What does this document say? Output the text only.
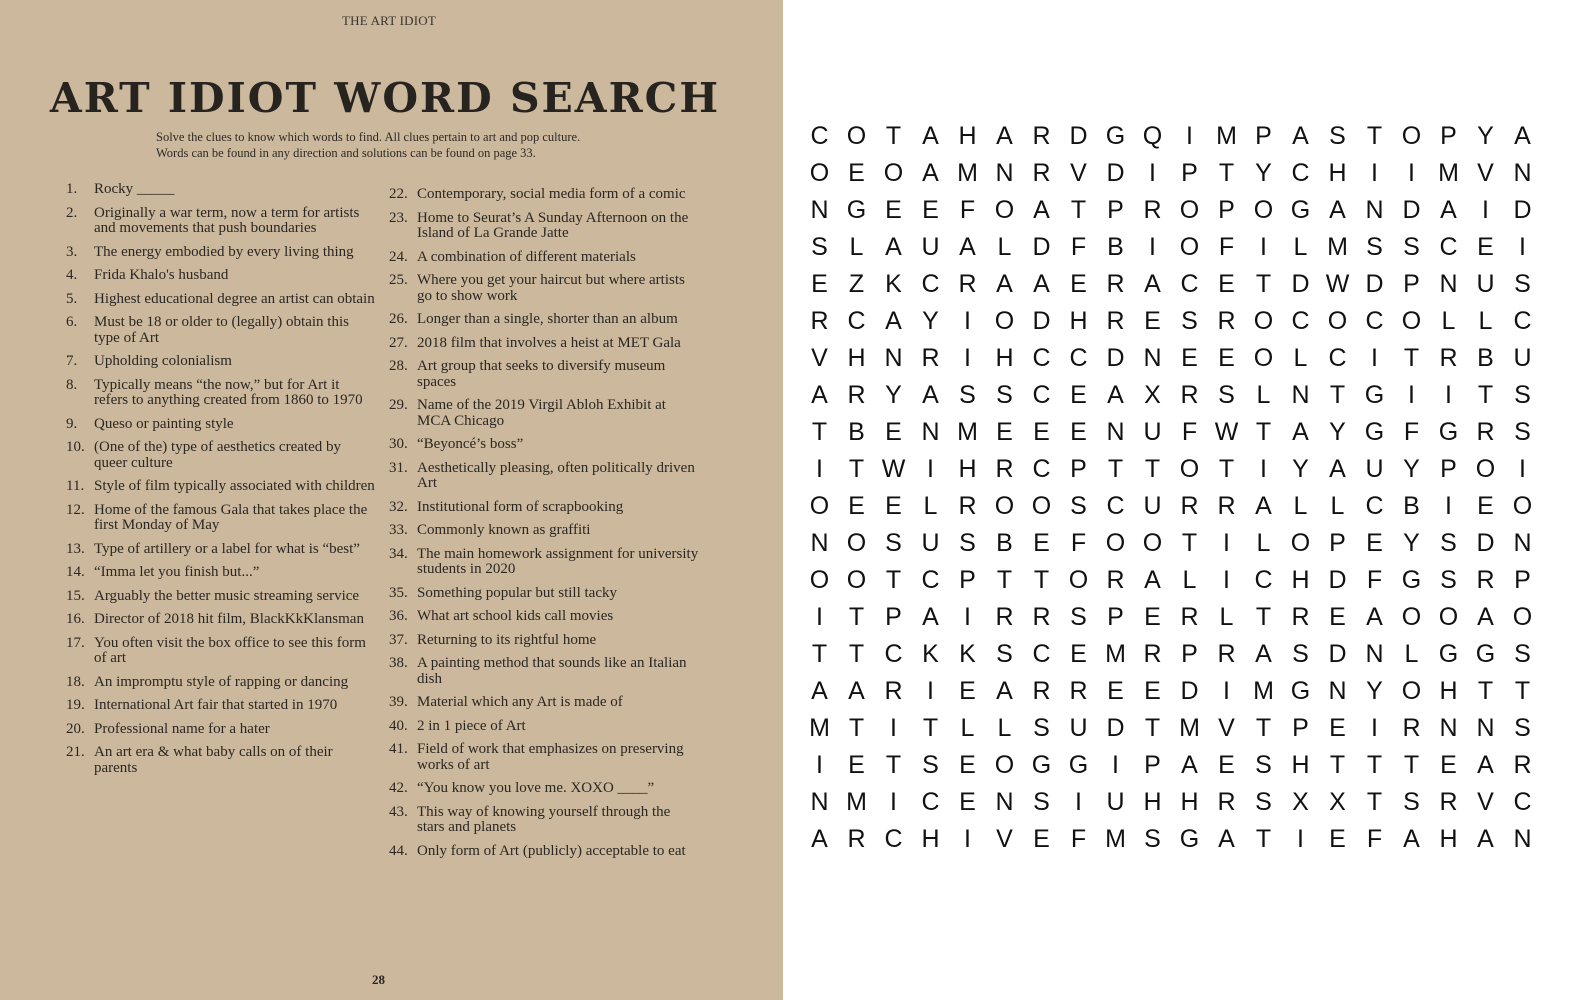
THE ART IDIOT
ART IDIOT WORD SEARCH
Solve the clues to know which words to find. All clues pertain to art and pop culture.
Words can be found in any direction and solutions can be found on page 33.
1. Rocky _____
2. Originally a war term, now a term for artists and movements that push boundaries
3. The energy embodied by every living thing
4. Frida Khalo's husband
5. Highest educational degree an artist can obtain
6. Must be 18 or older to (legally) obtain this type of Art
7. Upholding colonialism
8. Typically means “the now,” but for Art it refers to anything created from 1860 to 1970
9. Queso or painting style
10. (One of the) type of aesthetics created by queer culture
11. Style of film typically associated with children
12. Home of the famous Gala that takes place the first Monday of May
13. Type of artillery or a label for what is “best”
14. “Imma let you finish but...”
15. Arguably the better music streaming service
16. Director of 2018 hit film, BlackKkKlansman
17. You often visit the box office to see this form of art
18. An impromptu style of rapping or dancing
19. International Art fair that started in 1970
20. Professional name for a hater
21. An art era & what baby calls on of their parents
22. Contemporary, social media form of a comic
23. Home to Seurat’s A Sunday Afternoon on the Island of La Grande Jatte
24. A combination of different materials
25. Where you get your haircut but where artists go to show work
26. Longer than a single, shorter than an album
27. 2018 film that involves a heist at MET Gala
28. Art group that seeks to diversify museum spaces
29. Name of the 2019 Virgil Abloh Exhibit at MCA Chicago
30. “Beyoncé’s boss”
31. Aesthetically pleasing, often politically driven Art
32. Institutional form of scrapbooking
33. Commonly known as graffiti
34. The main homework assignment for university students in 2020
35. Something popular but still tacky
36. What art school kids call movies
37. Returning to its rightful home
38. A painting method that sounds like an Italian dish
39. Material which any Art is made of
40. 2 in 1 piece of Art
41. Field of work that emphasizes on preserving works of art
42. “You know you love me. XOXO ____”
43. This way of knowing yourself through the stars and planets
44. Only form of Art (publicly) acceptable to eat
28
C O T A H A R D G Q I M P A S T O P Y A
O E O A M N R V D I	P T Y C H I	I M V N
N G E E F O A T P R O P O G A N D A	I D
S L A U A L D F B	I O F	I	L M S S C E	I
E Z K C R A A E R A C E T D W D P N U S
R C A Y	I O D H R E S R O C O C O L L C
V H N R I H C C D N E E O L C I	T R B U
A R Y A S S C E A X R S L N T G I	I	T S
T B E N M E E E N U F W T A Y G F G R S
I	T W I H R C P T T O T	I	Y A U Y P O I
O E E L R O O S C U R R A L L C B	I	E O
N O S U S B E F O O T	I	L O P E Y S D N
O O T C P T T O R A L	I C H D F G S R P
I	T P A	I R R S P E R L T R E A O O A O
T T C K K S C E M R P R A S D N L G G S
A A R I	E A R R E E D I M G N Y O H T T
M T	I	T L L S U D T M V T P E	I R N N S
I	E T S E O G G I	P A E S H T T T E A R
N M I C E N S	I U H H R S X X T S R V C
A R C H I	V E F M S G A T	I	E F A H A N
